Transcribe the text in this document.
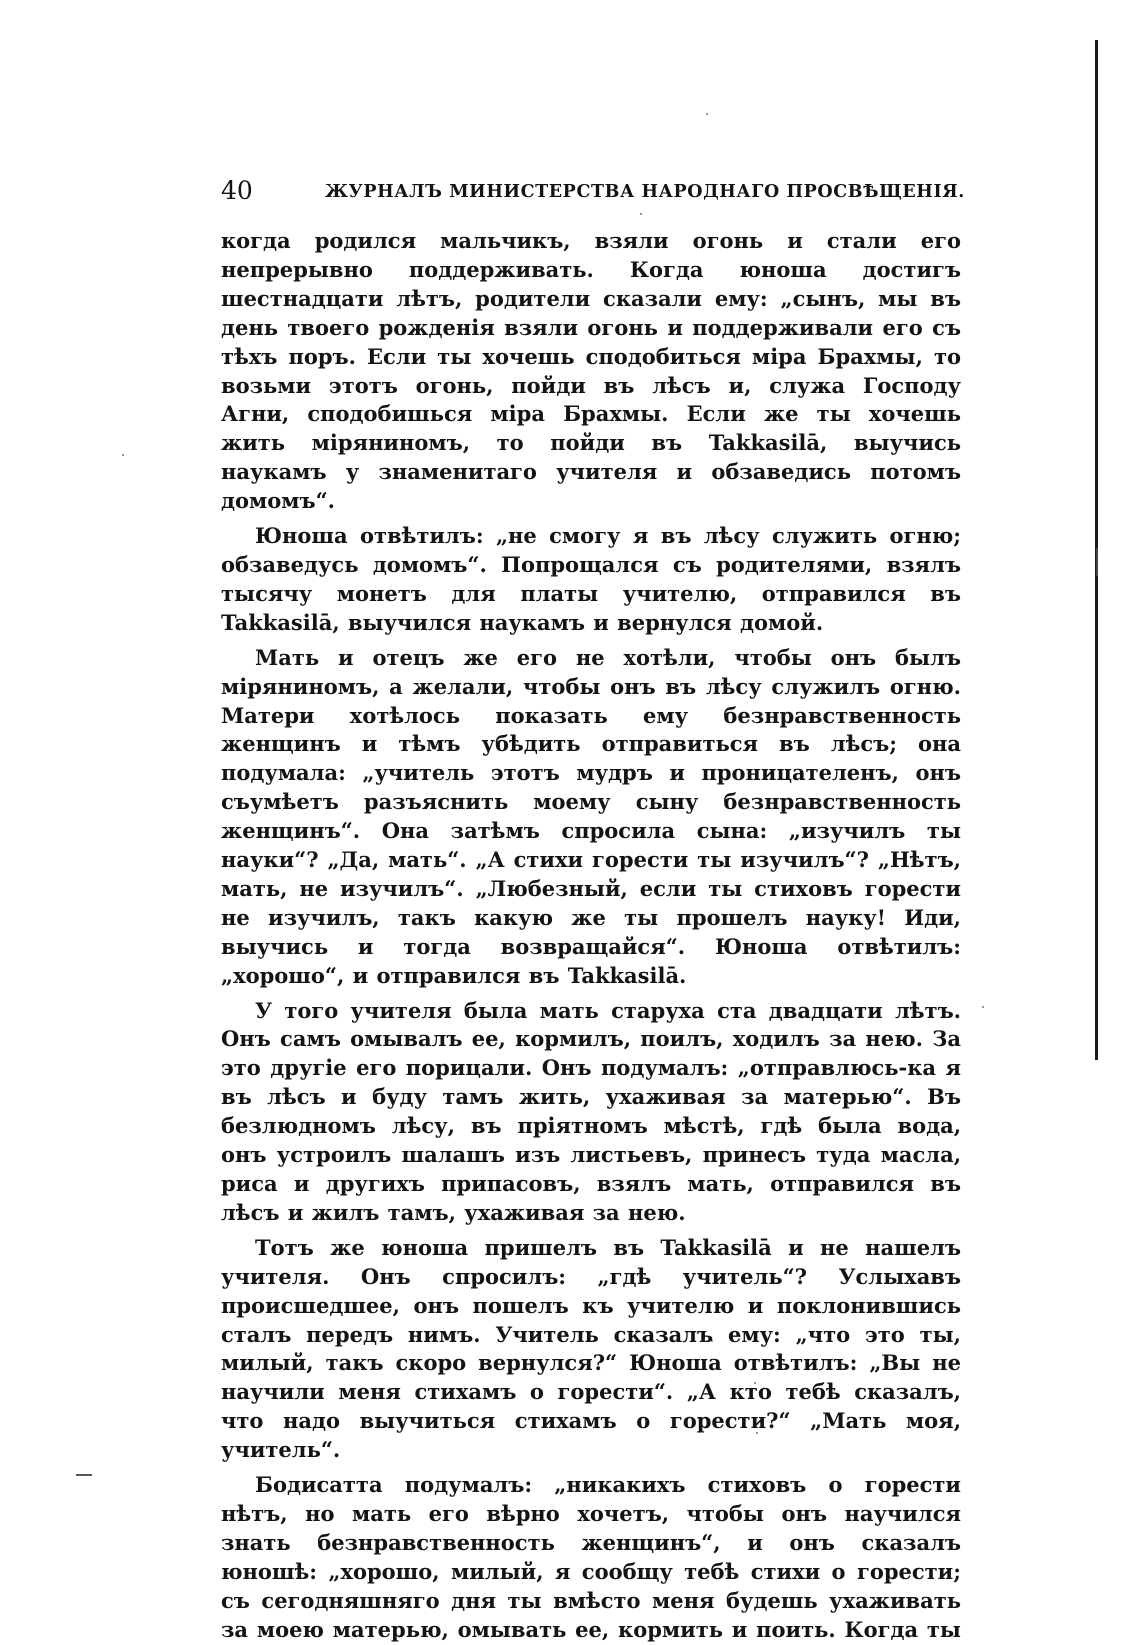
40	ЖУРНАЛЪ МИНИСТЕРСТВА НАРОДНАГО ПРОСВѢЩЕНІЯ.

когда родился мальчикъ, взяли огонь и стали его непрерывно поддерживать. Когда юноша достигъ шестнадцати лѣтъ, родители сказали ему: „сынъ, мы въ день твоего рожденія взяли огонь и поддерживали его съ тѣхъ поръ. Если ты хочешь сподобиться міра Брахмы, то возьми этотъ огонь, пойди въ лѣсъ и, служа Господу Агни, сподобишься міра Брахмы. Если же ты хочешь жить міряниномъ, то пойди въ Takkasilā, выучись наукамъ у знаменитаго учителя и обзаведись потомъ домомъ“.

Юноша отвѣтилъ: „не смогу я въ лѣсу служить огню; обзаведусь домомъ“. Попрощался съ родителями, взялъ тысячу монетъ для платы учителю, отправился въ Takkasilā, выучился наукамъ и вернулся домой.

Мать и отецъ же его не хотѣли, чтобы онъ былъ міряниномъ, а желали, чтобы онъ въ лѣсу служилъ огню. Матери хотѣлось показать ему безнравственность женщинъ и тѣмъ убѣдить отправиться въ лѣсъ; она подумала: „учитель этотъ мудръ и проницателенъ, онъ съумѣетъ разъяснить моему сыну безнравственность женщинъ“. Она затѣмъ спросила сына: „изучилъ ты науки“? „Да, мать“. „А стихи горести ты изучилъ“? „Нѣтъ, мать, не изучилъ“. „Любезный, если ты стиховъ горести не изучилъ, такъ какую же ты прошелъ науку! Иди, выучись и тогда возвращайся“. Юноша отвѣтилъ: „хорошо“, и отправился въ Takkasilā.

У того учителя была мать старуха ста двадцати лѣтъ. Онъ самъ омывалъ ее, кормилъ, поилъ, ходилъ за нею. За это другіе его порицали. Онъ подумалъ: „отправлюсь-ка я въ лѣсъ и буду тамъ жить, ухаживая за матерью“. Въ безлюдномъ лѣсу, въ пріятномъ мѣстѣ, гдѣ была вода, онъ устроилъ шалашъ изъ листьевъ, принесъ туда масла, риса и другихъ припасовъ, взялъ мать, отправился въ лѣсъ и жилъ тамъ, ухаживая за нею.

Тотъ же юноша пришелъ въ Takkasilā и не нашелъ учителя. Онъ спросилъ: „гдѣ учитель“? Услыхавъ происшедшее, онъ пошелъ къ учителю и поклонившись сталъ передъ нимъ. Учитель сказалъ ему: „что это ты, милый, такъ скоро вернулся?“ Юноша отвѣтилъ: „Вы не научили меня стихамъ о горести“. „А кто тебѣ сказалъ, что надо выучиться стихамъ о горести?“ „Мать моя, учитель“.

Бодисатта подумалъ: „никакихъ стиховъ о горести нѣтъ, но мать его вѣрно хочетъ, чтобы онъ научился знать безнравственность женщинъ“, и онъ сказалъ юношѣ: „хорошо, милый, я сообщу тебѣ стихи о горести; съ сегодняшняго дня ты вмѣсто меня будешь ухаживать за моею матерью, омывать ее, кормить и поить. Когда ты
